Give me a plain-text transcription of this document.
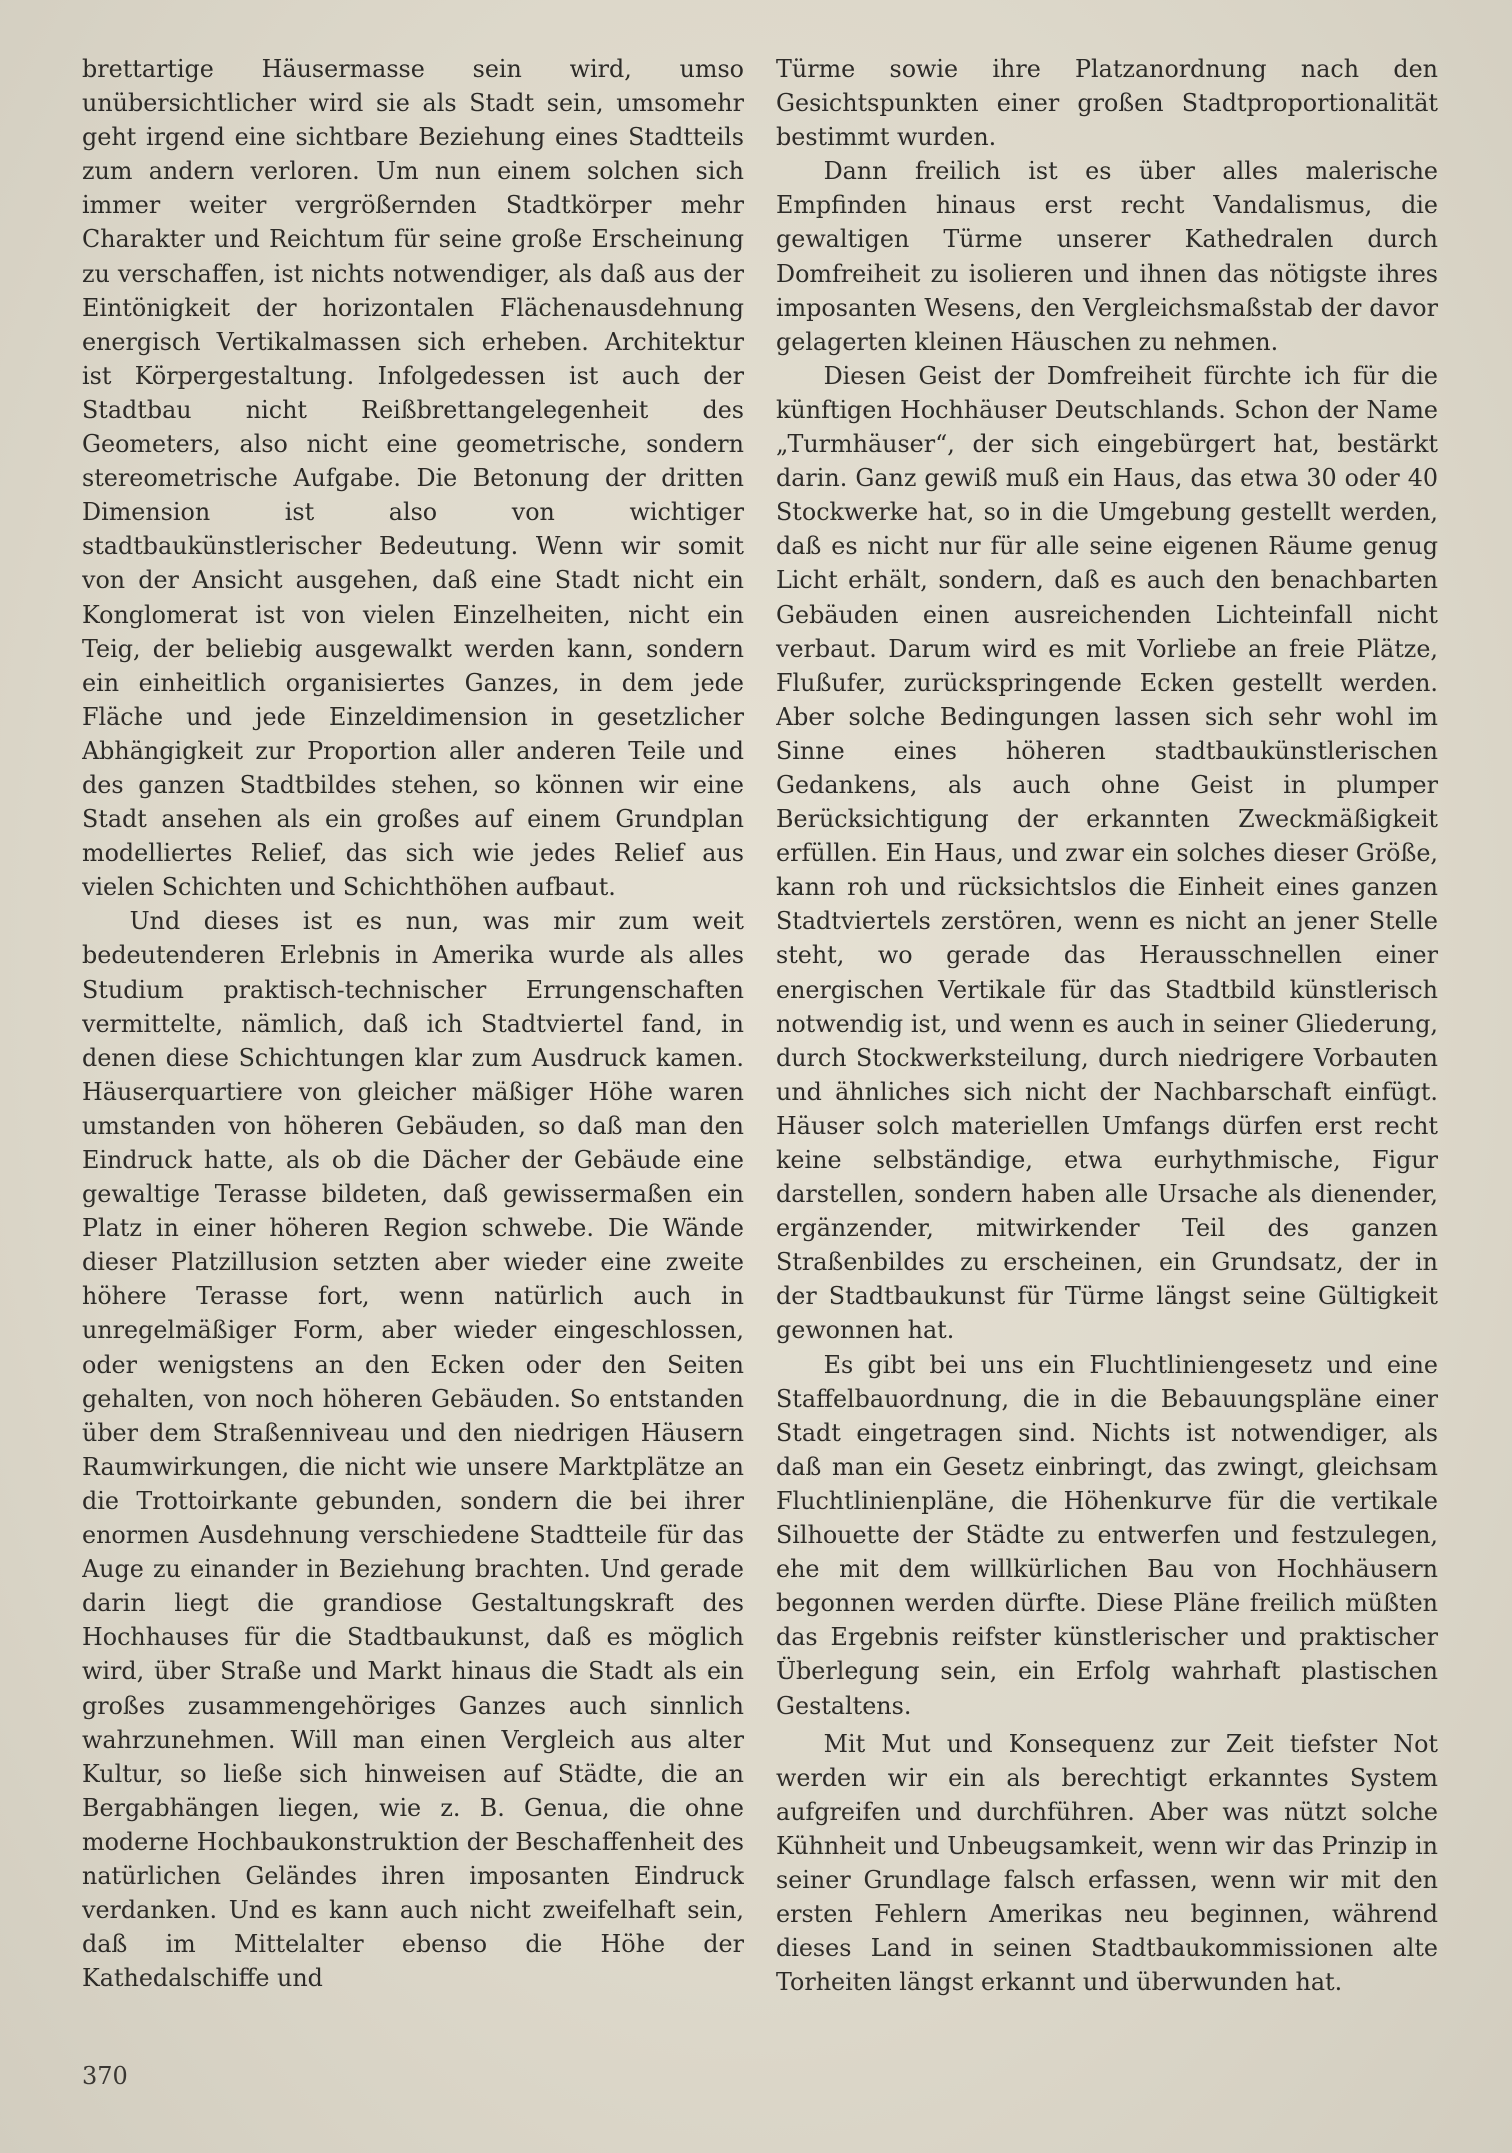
brettartige Häusermasse sein wird, umso unübersichtlicher wird sie als Stadt sein, umsomehr geht irgend eine sichtbare Beziehung eines Stadtteils zum andern verloren. Um nun einem solchen sich immer weiter vergrößernden Stadtkörper mehr Charakter und Reichtum für seine große Erscheinung zu verschaffen, ist nichts notwendiger, als daß aus der Eintönigkeit der horizontalen Flächenausdehnung energisch Vertikalmassen sich erheben. Architektur ist Körpergestaltung. Infolgedessen ist auch der Stadtbau nicht Reißbrettangelegenheit des Geometers, also nicht eine geometrische, sondern stereometrische Aufgabe. Die Betonung der dritten Dimension ist also von wichtiger stadtbaukünstlerischer Bedeutung. Wenn wir somit von der Ansicht ausgehen, daß eine Stadt nicht ein Konglomerat ist von vielen Einzelheiten, nicht ein Teig, der beliebig ausgewalkt werden kann, sondern ein einheitlich organisiertes Ganzes, in dem jede Fläche und jede Einzeldimension in gesetzlicher Abhängigkeit zur Proportion aller anderen Teile und des ganzen Stadtbildes stehen, so können wir eine Stadt ansehen als ein großes auf einem Grundplan modelliertes Relief, das sich wie jedes Relief aus vielen Schichten und Schichthöhen aufbaut.

Und dieses ist es nun, was mir zum weit bedeutenderen Erlebnis in Amerika wurde als alles Studium praktisch-technischer Errungenschaften vermittelte, nämlich, daß ich Stadtviertel fand, in denen diese Schichtungen klar zum Ausdruck kamen. Häuserquartiere von gleicher mäßiger Höhe waren umstanden von höheren Gebäuden, so daß man den Eindruck hatte, als ob die Dächer der Gebäude eine gewaltige Terasse bildeten, daß gewissermaßen ein Platz in einer höheren Region schwebe. Die Wände dieser Platzillusion setzten aber wieder eine zweite höhere Terasse fort, wenn natürlich auch in unregelmäßiger Form, aber wieder eingeschlossen, oder wenigstens an den Ecken oder den Seiten gehalten, von noch höheren Gebäuden. So entstanden über dem Straßenniveau und den niedrigen Häusern Raumwirkungen, die nicht wie unsere Marktplätze an die Trottoirkante gebunden, sondern die bei ihrer enormen Ausdehnung verschiedene Stadtteile für das Auge zu einander in Beziehung brachten. Und gerade darin liegt die grandiose Gestaltungskraft des Hochhauses für die Stadtbaukunst, daß es möglich wird, über Straße und Markt hinaus die Stadt als ein großes zusammengehöriges Ganzes auch sinnlich wahrzunehmen. Will man einen Vergleich aus alter Kultur, so ließe sich hinweisen auf Städte, die an Bergabhängen liegen, wie z. B. Genua, die ohne moderne Hochbaukonstruktion der Beschaffenheit des natürlichen Geländes ihren imposanten Eindruck verdanken. Und es kann auch nicht zweifelhaft sein, daß im Mittelalter ebenso die Höhe der Kathedalschiffe und

Türme sowie ihre Platzanordnung nach den Gesichtspunkten einer großen Stadtproportionalität bestimmt wurden.

Dann freilich ist es über alles malerische Empfinden hinaus erst recht Vandalismus, die gewaltigen Türme unserer Kathedralen durch Domfreiheit zu isolieren und ihnen das nötigste ihres imposanten Wesens, den Vergleichsmaßstab der davor gelagerten kleinen Häuschen zu nehmen.

Diesen Geist der Domfreiheit fürchte ich für die künftigen Hochhäuser Deutschlands. Schon der Name „Turmhäuser“, der sich eingebürgert hat, bestärkt darin. Ganz gewiß muß ein Haus, das etwa 30 oder 40 Stockwerke hat, so in die Umgebung gestellt werden, daß es nicht nur für alle seine eigenen Räume genug Licht erhält, sondern, daß es auch den benachbarten Gebäuden einen ausreichenden Lichteinfall nicht verbaut. Darum wird es mit Vorliebe an freie Plätze, Flußufer, zurückspringende Ecken gestellt werden. Aber solche Bedingungen lassen sich sehr wohl im Sinne eines höheren stadtbaukünstlerischen Gedankens, als auch ohne Geist in plumper Berücksichtigung der erkannten Zweckmäßigkeit erfüllen. Ein Haus, und zwar ein solches dieser Größe, kann roh und rücksichtslos die Einheit eines ganzen Stadtviertels zerstören, wenn es nicht an jener Stelle steht, wo gerade das Herausschnellen einer energischen Vertikale für das Stadtbild künstlerisch notwendig ist, und wenn es auch in seiner Gliederung, durch Stockwerksteilung, durch niedrigere Vorbauten und ähnliches sich nicht der Nachbarschaft einfügt. Häuser solch materiellen Umfangs dürfen erst recht keine selbständige, etwa eurhythmische, Figur darstellen, sondern haben alle Ursache als dienender, ergänzender, mitwirkender Teil des ganzen Straßenbildes zu erscheinen, ein Grundsatz, der in der Stadtbaukunst für Türme längst seine Gültigkeit gewonnen hat.

Es gibt bei uns ein Fluchtliniengesetz und eine Staffelbauordnung, die in die Bebauungspläne einer Stadt eingetragen sind. Nichts ist notwendiger, als daß man ein Gesetz einbringt, das zwingt, gleichsam Fluchtlinienpläne, die Höhenkurve für die vertikale Silhouette der Städte zu entwerfen und festzulegen, ehe mit dem willkürlichen Bau von Hochhäusern begonnen werden dürfte. Diese Pläne freilich müßten das Ergebnis reifster künstlerischer und praktischer Überlegung sein, ein Erfolg wahrhaft plastischen Gestaltens.

Mit Mut und Konsequenz zur Zeit tiefster Not werden wir ein als berechtigt erkanntes System aufgreifen und durchführen. Aber was nützt solche Kühnheit und Unbeugsamkeit, wenn wir das Prinzip in seiner Grundlage falsch erfassen, wenn wir mit den ersten Fehlern Amerikas neu beginnen, während dieses Land in seinen Stadtbaukommissionen alte Torheiten längst erkannt und überwunden hat.

370
